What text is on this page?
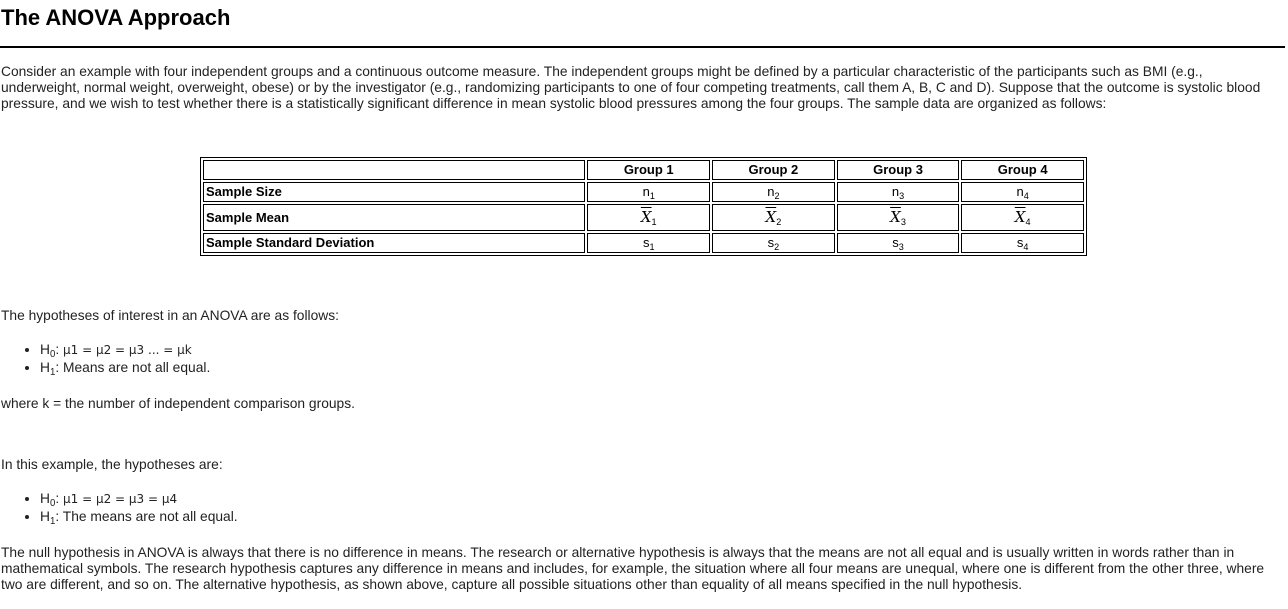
The ANOVA Approach

Consider an example with four independent groups and a continuous outcome measure. The independent groups might be defined by a particular characteristic of the participants such as BMI (e.g., underweight, normal weight, overweight, obese) or by the investigator (e.g., randomizing participants to one of four competing treatments, call them A, B, C and D). Suppose that the outcome is systolic blood pressure, and we wish to test whether there is a statistically significant difference in mean systolic blood pressures among the four groups. The sample data are organized as follows:

	Group 1	Group 2	Group 3	Group 4
Sample Size	$n_1$	$n_2$	$n_3$	$n_4$
Sample Mean	$\overline{X}_1$	$\overline{X}_2$	$\overline{X}_3$	$\overline{X}_4$
Sample Standard Deviation	$s_1$	$s_2$	$s_3$	$s_4$

The hypotheses of interest in an ANOVA are as follows:

• $H_0$: μ1 = μ2 = μ3 ... = μk
• $H_1$: Means are not all equal.

where k = the number of independent comparison groups.

In this example, the hypotheses are:

• $H_0$: μ1 = μ2 = μ3 = μ4
• $H_1$: The means are not all equal.

The null hypothesis in ANOVA is always that there is no difference in means. The research or alternative hypothesis is always that the means are not all equal and is usually written in words rather than in mathematical symbols. The research hypothesis captures any difference in means and includes, for example, the situation where all four means are unequal, where one is different from the other three, where two are different, and so on. The alternative hypothesis, as shown above, capture all possible situations other than equality of all means specified in the null hypothesis.
